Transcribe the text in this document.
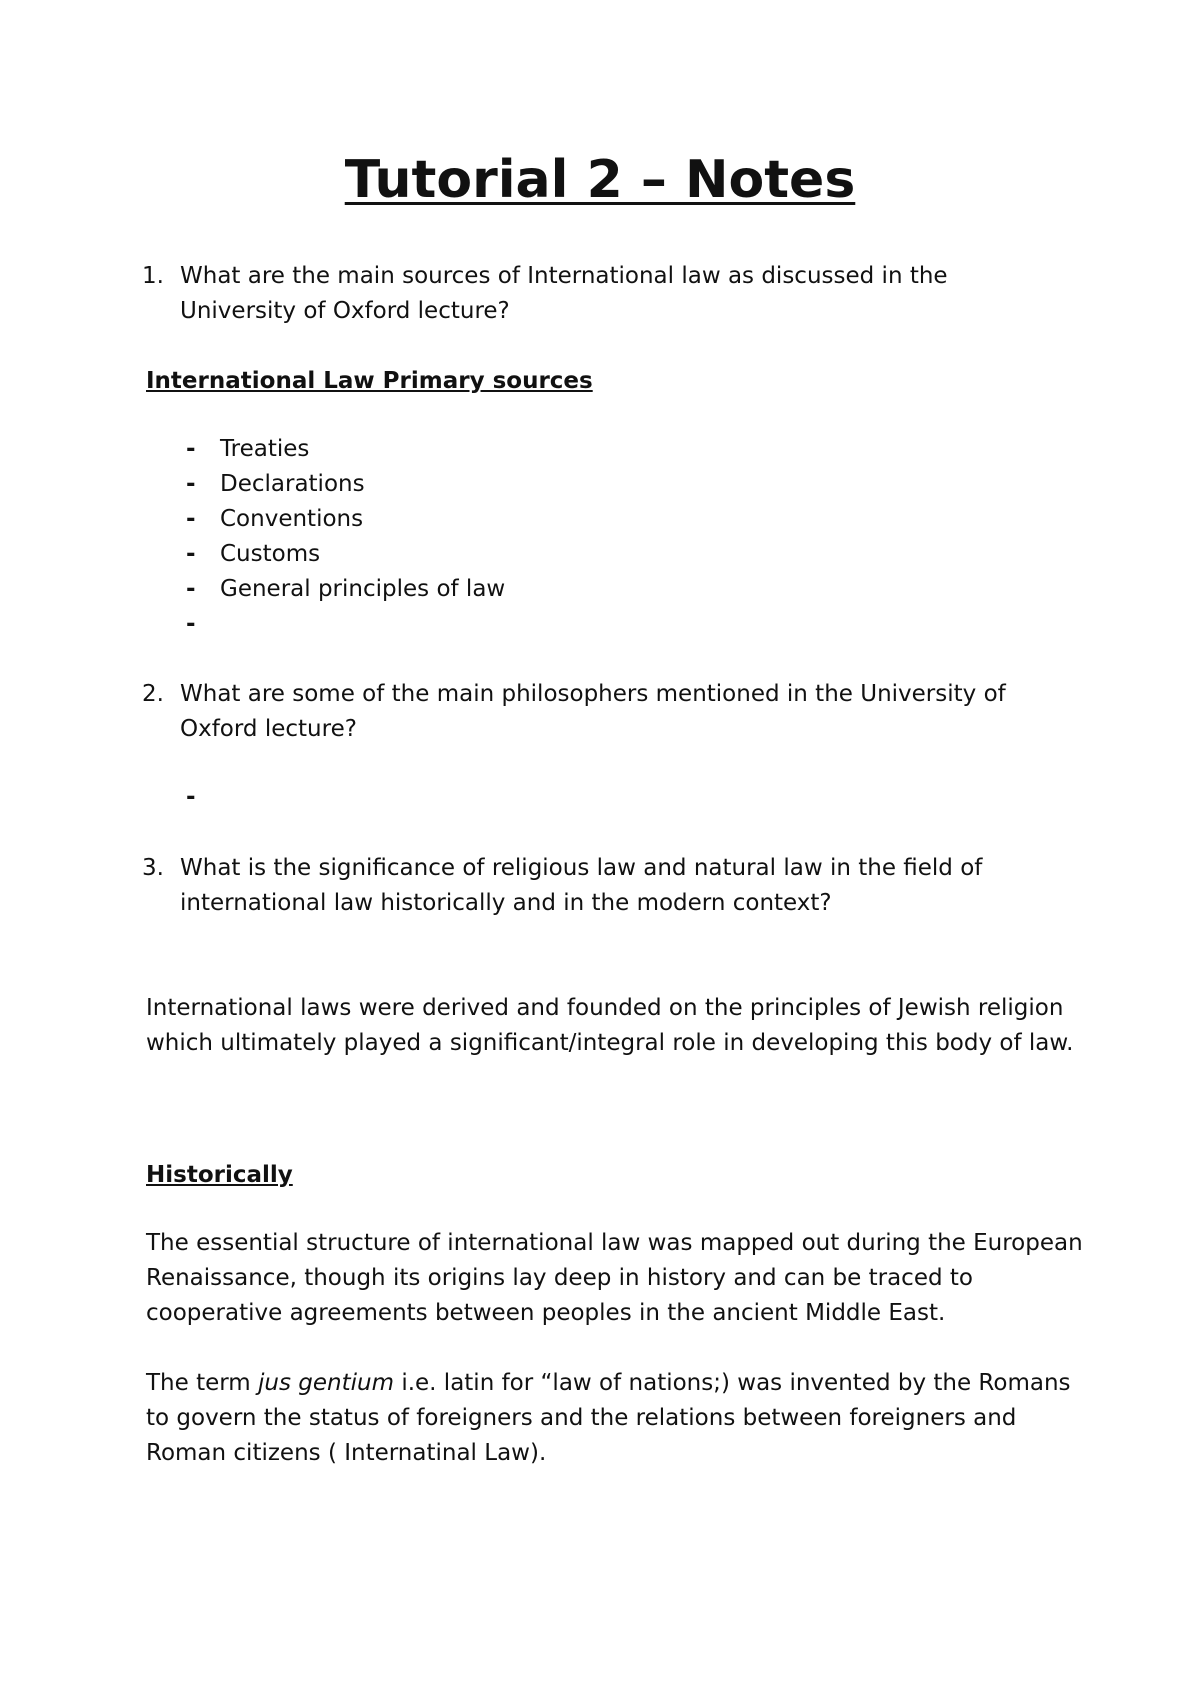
Tutorial 2 – Notes

1. What are the main sources of International law as discussed in the University of Oxford lecture?

International Law Primary sources

- Treaties
- Declarations
- Conventions
- Customs
- General principles of law
-

2. What are some of the main philosophers mentioned in the University of Oxford lecture?

-

3. What is the significance of religious law and natural law in the field of international law historically and in the modern context?

International laws were derived and founded on the principles of Jewish religion which ultimately played a significant/integral role in developing this body of law.

Historically

The essential structure of international law was mapped out during the European Renaissance, though its origins lay deep in history and can be traced to cooperative agreements between peoples in the ancient Middle East.

The term jus gentium i.e. latin for “law of nations;) was invented by the Romans to govern the status of foreigners and the relations between foreigners and Roman citizens ( Internatinal Law).
